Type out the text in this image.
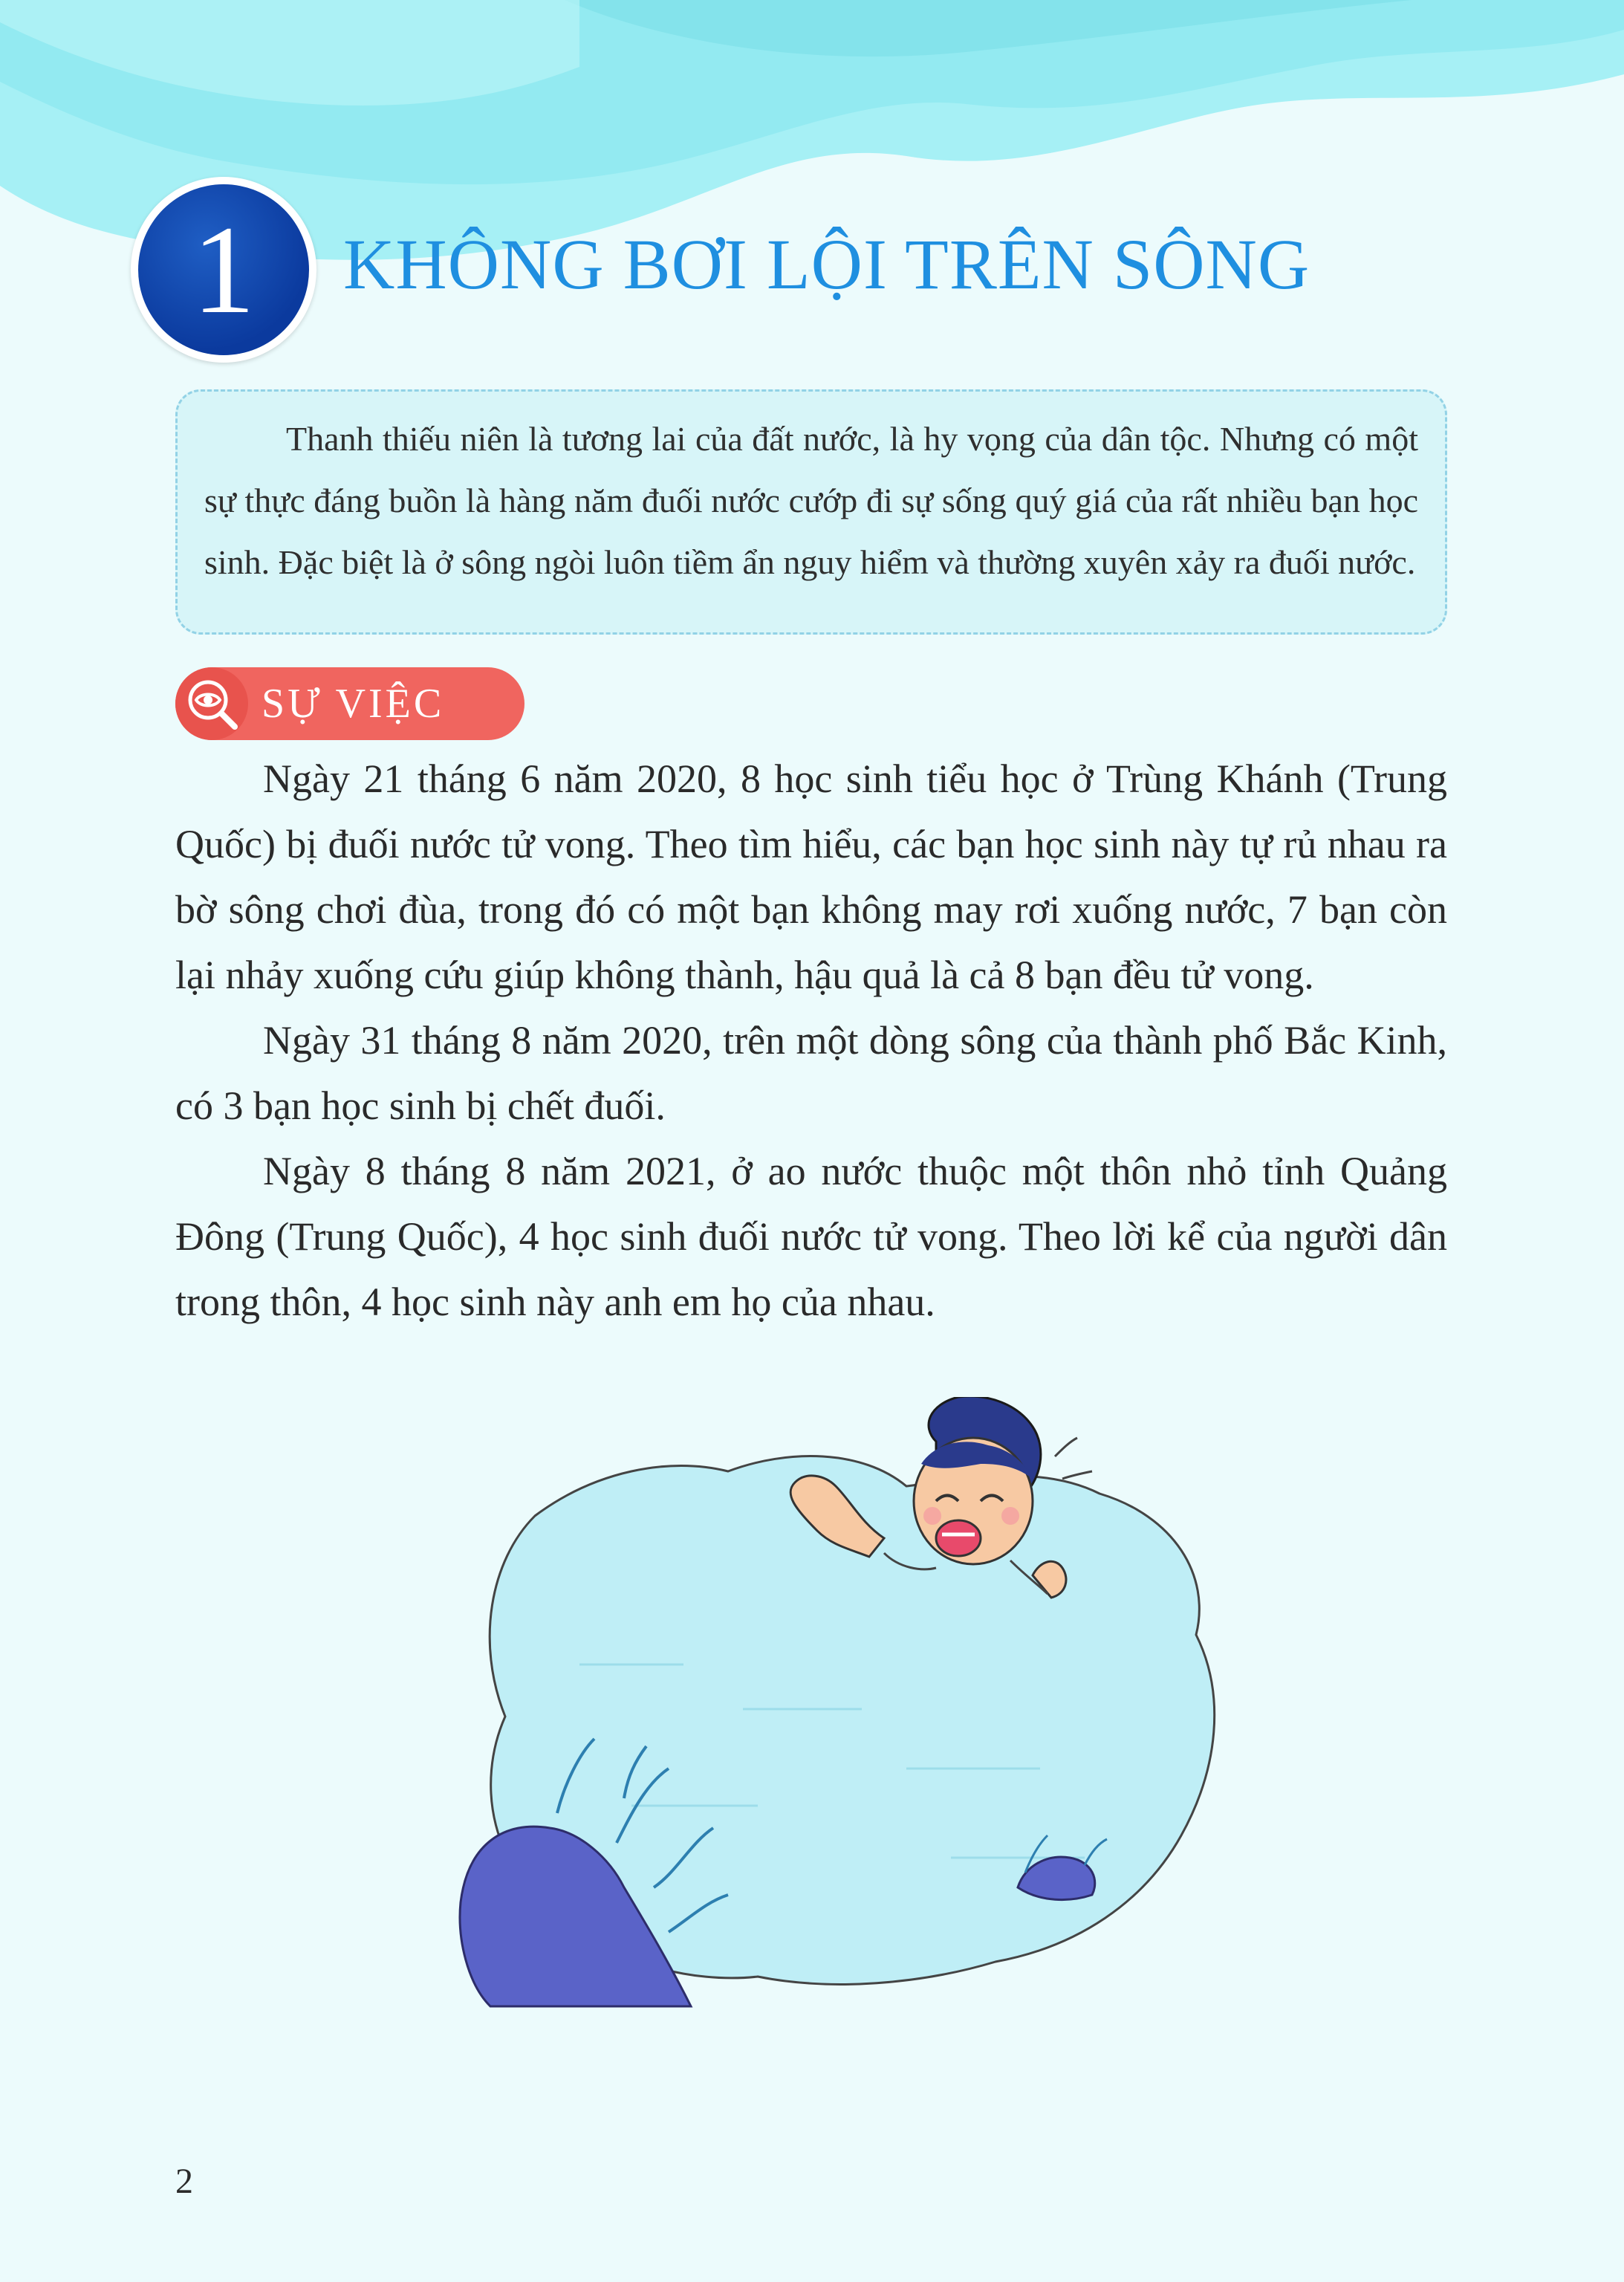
1	KHÔNG BƠI LỘI TRÊN SÔNG

Thanh thiếu niên là tương lai của đất nước, là hy vọng của dân tộc. Nhưng có một sự thực đáng buồn là hàng năm đuối nước cướp đi sự sống quý giá của rất nhiều bạn học sinh. Đặc biệt là ở sông ngòi luôn tiềm ẩn nguy hiểm và thường xuyên xảy ra đuối nước.

SỰ VIỆC

Ngày 21 tháng 6 năm 2020, 8 học sinh tiểu học ở Trùng Khánh (Trung Quốc) bị đuối nước tử vong. Theo tìm hiểu, các bạn học sinh này tự rủ nhau ra bờ sông chơi đùa, trong đó có một bạn không may rơi xuống nước, 7 bạn còn lại nhảy xuống cứu giúp không thành, hậu quả là cả 8 bạn đều tử vong.

Ngày 31 tháng 8 năm 2020, trên một dòng sông của thành phố Bắc Kinh, có 3 bạn học sinh bị chết đuối.

Ngày 8 tháng 8 năm 2021, ở ao nước thuộc một thôn nhỏ tỉnh Quảng Đông (Trung Quốc), 4 học sinh đuối nước tử vong. Theo lời kể của người dân trong thôn, 4 học sinh này anh em họ của nhau.

2
